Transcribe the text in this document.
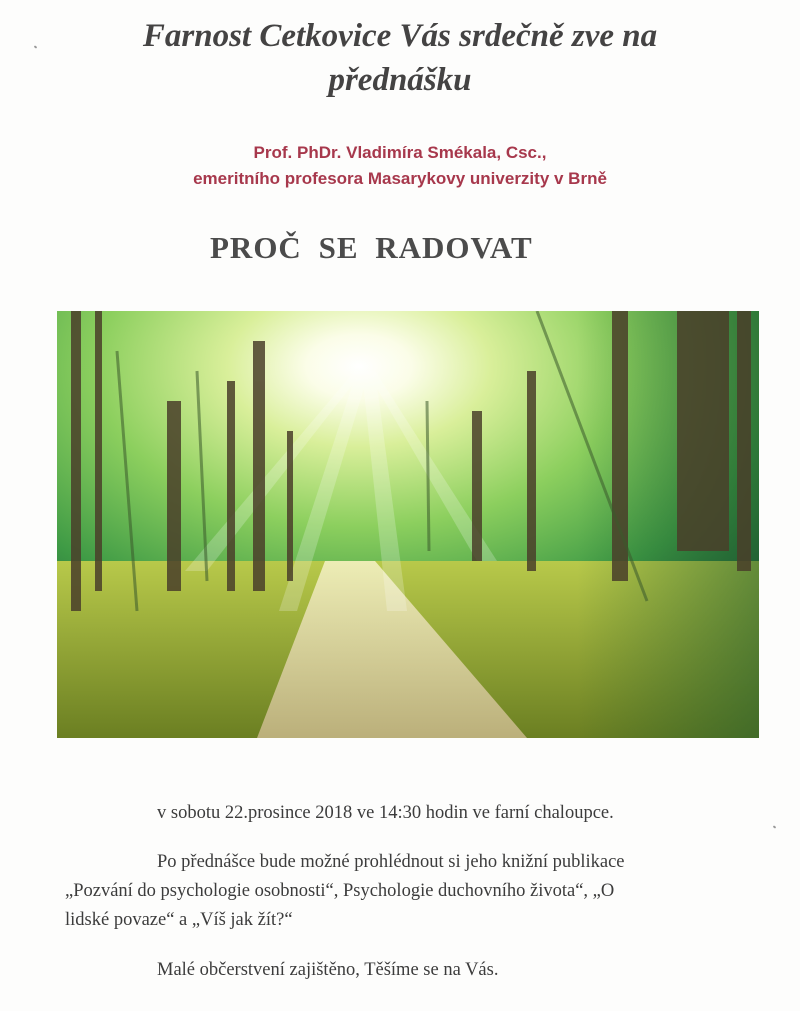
Farnost Cetkovice Vás srdečně zve na
přednášku
Prof. PhDr. Vladimíra Smékala, Csc.,
emeritního profesora Masarykovy univerzity v Brně
PROČ SE RADOVAT

v sobotu 22.prosince 2018 ve 14:30 hodin ve farní chaloupce.

Po přednášce bude možné prohlédnout si jeho knižní publikace
„Pozvání do psychologie osobnosti“, Psychologie duchovního života“, „O
lidské povaze“ a „Víš jak žít?“

Malé občerstvení zajištěno, Těšíme se na Vás.
